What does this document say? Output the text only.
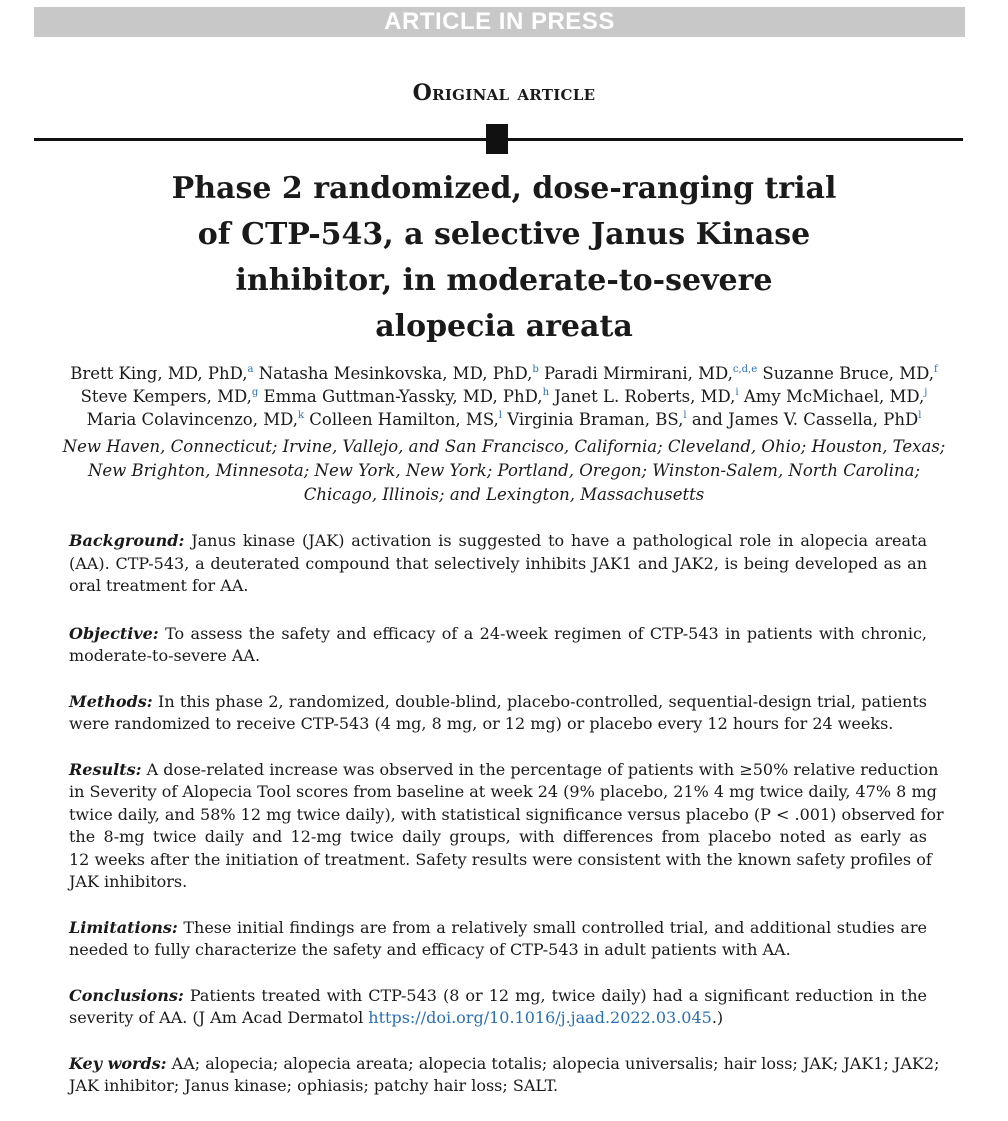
ARTICLE IN PRESS
Original article
Phase 2 randomized, dose-ranging trial
of CTP-543, a selective Janus Kinase
inhibitor, in moderate-to-severe
alopecia areata
Brett King, MD, PhD,$^a$ Natasha Mesinkovska, MD, PhD,$^b$ Paradi Mirmirani, MD,$^{c,d,e}$ Suzanne Bruce, MD,$^f$
Steve Kempers, MD,$^g$ Emma Guttman-Yassky, MD, PhD,$^h$ Janet L. Roberts, MD,$^i$ Amy McMichael, MD,$^j$
Maria Colavincenzo, MD,$^k$ Colleen Hamilton, MS,$^l$ Virginia Braman, BS,$^l$ and James V. Cassella, PhD$^l$
New Haven, Connecticut; Irvine, Vallejo, and San Francisco, California; Cleveland, Ohio; Houston, Texas;
New Brighton, Minnesota; New York, New York; Portland, Oregon; Winston-Salem, North Carolina;
Chicago, Illinois; and Lexington, Massachusetts
Background: Janus kinase (JAK) activation is suggested to have a pathological role in alopecia areata
(AA). CTP-543, a deuterated compound that selectively inhibits JAK1 and JAK2, is being developed as an
oral treatment for AA.
Objective: To assess the safety and efficacy of a 24-week regimen of CTP-543 in patients with chronic,
moderate-to-severe AA.
Methods: In this phase 2, randomized, double-blind, placebo-controlled, sequential-design trial, patients
were randomized to receive CTP-543 (4 mg, 8 mg, or 12 mg) or placebo every 12 hours for 24 weeks.
Results: A dose-related increase was observed in the percentage of patients with ≥50% relative reduction
in Severity of Alopecia Tool scores from baseline at week 24 (9% placebo, 21% 4 mg twice daily, 47% 8 mg
twice daily, and 58% 12 mg twice daily), with statistical significance versus placebo (P < .001) observed for
the 8-mg twice daily and 12-mg twice daily groups, with differences from placebo noted as early as
12 weeks after the initiation of treatment. Safety results were consistent with the known safety profiles of
JAK inhibitors.
Limitations: These initial findings are from a relatively small controlled trial, and additional studies are
needed to fully characterize the safety and efficacy of CTP-543 in adult patients with AA.
Conclusions: Patients treated with CTP-543 (8 or 12 mg, twice daily) had a significant reduction in the
severity of AA. (J Am Acad Dermatol https://doi.org/10.1016/j.jaad.2022.03.045.)
Key words: AA; alopecia; alopecia areata; alopecia totalis; alopecia universalis; hair loss; JAK; JAK1; JAK2;
JAK inhibitor; Janus kinase; ophiasis; patchy hair loss; SALT.
